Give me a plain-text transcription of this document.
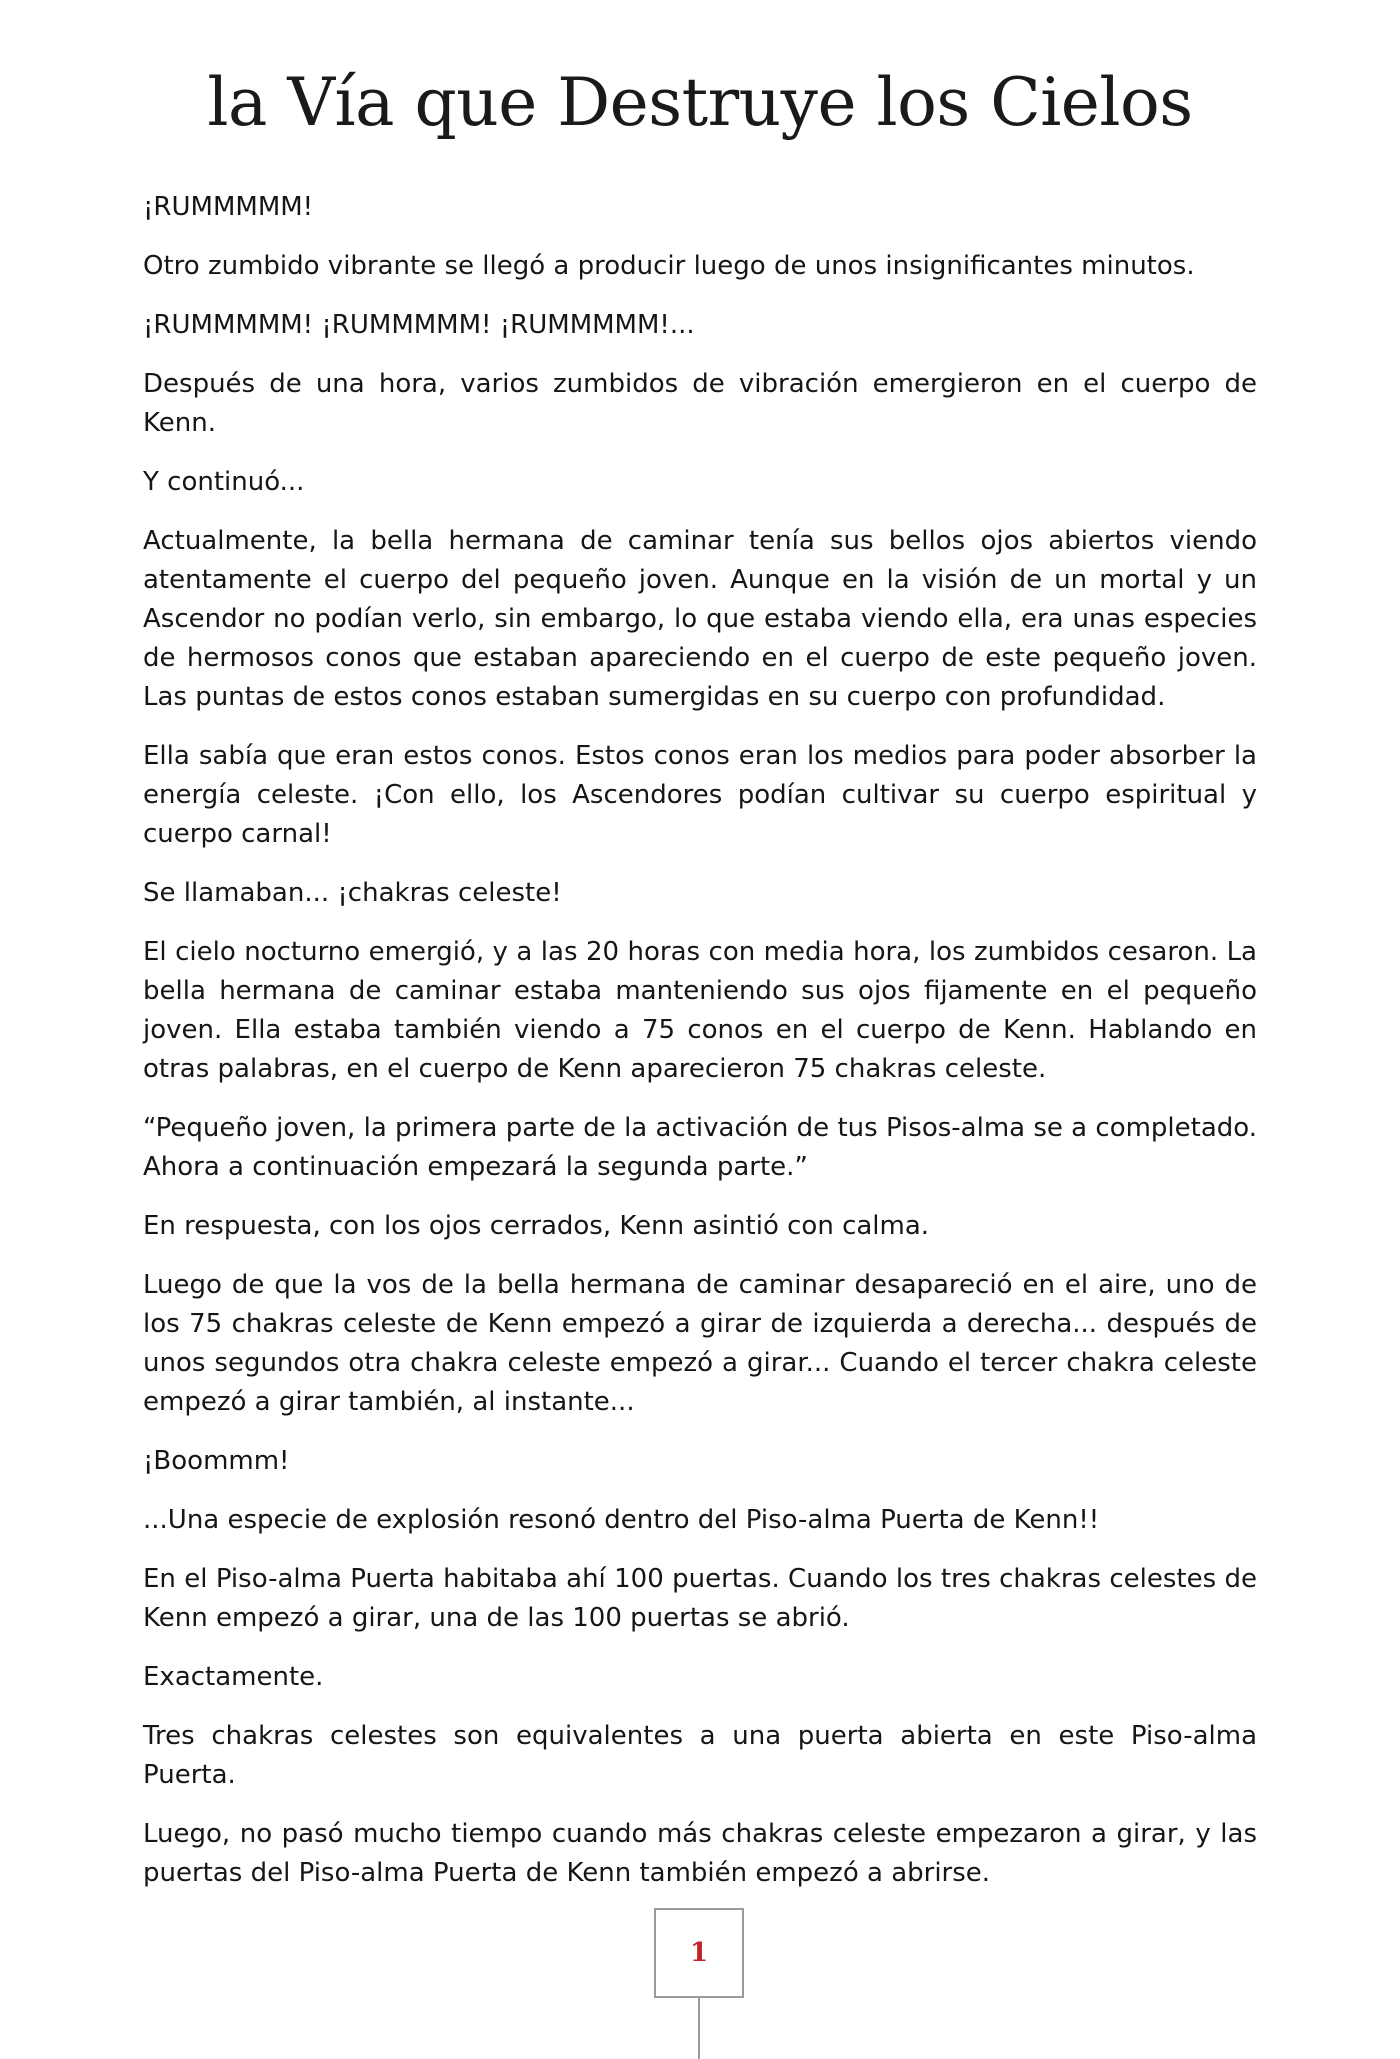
la Vía que Destruye los Cielos

¡RUMMMMM!

Otro zumbido vibrante se llegó a producir luego de unos insignificantes minutos.

¡RUMMMMM! ¡RUMMMMM! ¡RUMMMMM!...

Después de una hora, varios zumbidos de vibración emergieron en el cuerpo de Kenn.

Y continuó...

Actualmente, la bella hermana de caminar tenía sus bellos ojos abiertos viendo atentamente el cuerpo del pequeño joven. Aunque en la visión de un mortal y un Ascendor no podían verlo, sin embargo, lo que estaba viendo ella, era unas especies de hermosos conos que estaban apareciendo en el cuerpo de este pequeño joven. Las puntas de estos conos estaban sumergidas en su cuerpo con profundidad.

Ella sabía que eran estos conos. Estos conos eran los medios para poder absorber la energía celeste. ¡Con ello, los Ascendores podían cultivar su cuerpo espiritual y cuerpo carnal!

Se llamaban... ¡chakras celeste!

El cielo nocturno emergió, y a las 20 horas con media hora, los zumbidos cesaron. La bella hermana de caminar estaba manteniendo sus ojos fijamente en el pequeño joven. Ella estaba también viendo a 75 conos en el cuerpo de Kenn. Hablando en otras palabras, en el cuerpo de Kenn aparecieron 75 chakras celeste.

“Pequeño joven, la primera parte de la activación de tus Pisos-alma se a completado. Ahora a continuación empezará la segunda parte.”

En respuesta, con los ojos cerrados, Kenn asintió con calma.

Luego de que la vos de la bella hermana de caminar desapareció en el aire, uno de los 75 chakras celeste de Kenn empezó a girar de izquierda a derecha... después de unos segundos otra chakra celeste empezó a girar... Cuando el tercer chakra celeste empezó a girar también, al instante...

¡Boommm!

...Una especie de explosión resonó dentro del Piso-alma Puerta de Kenn!!

En el Piso-alma Puerta habitaba ahí 100 puertas. Cuando los tres chakras celestes de Kenn empezó a girar, una de las 100 puertas se abrió.

Exactamente.

Tres chakras celestes son equivalentes a una puerta abierta en este Piso-alma Puerta.

Luego, no pasó mucho tiempo cuando más chakras celeste empezaron a girar, y las puertas del Piso-alma Puerta de Kenn también empezó a abrirse.

1
